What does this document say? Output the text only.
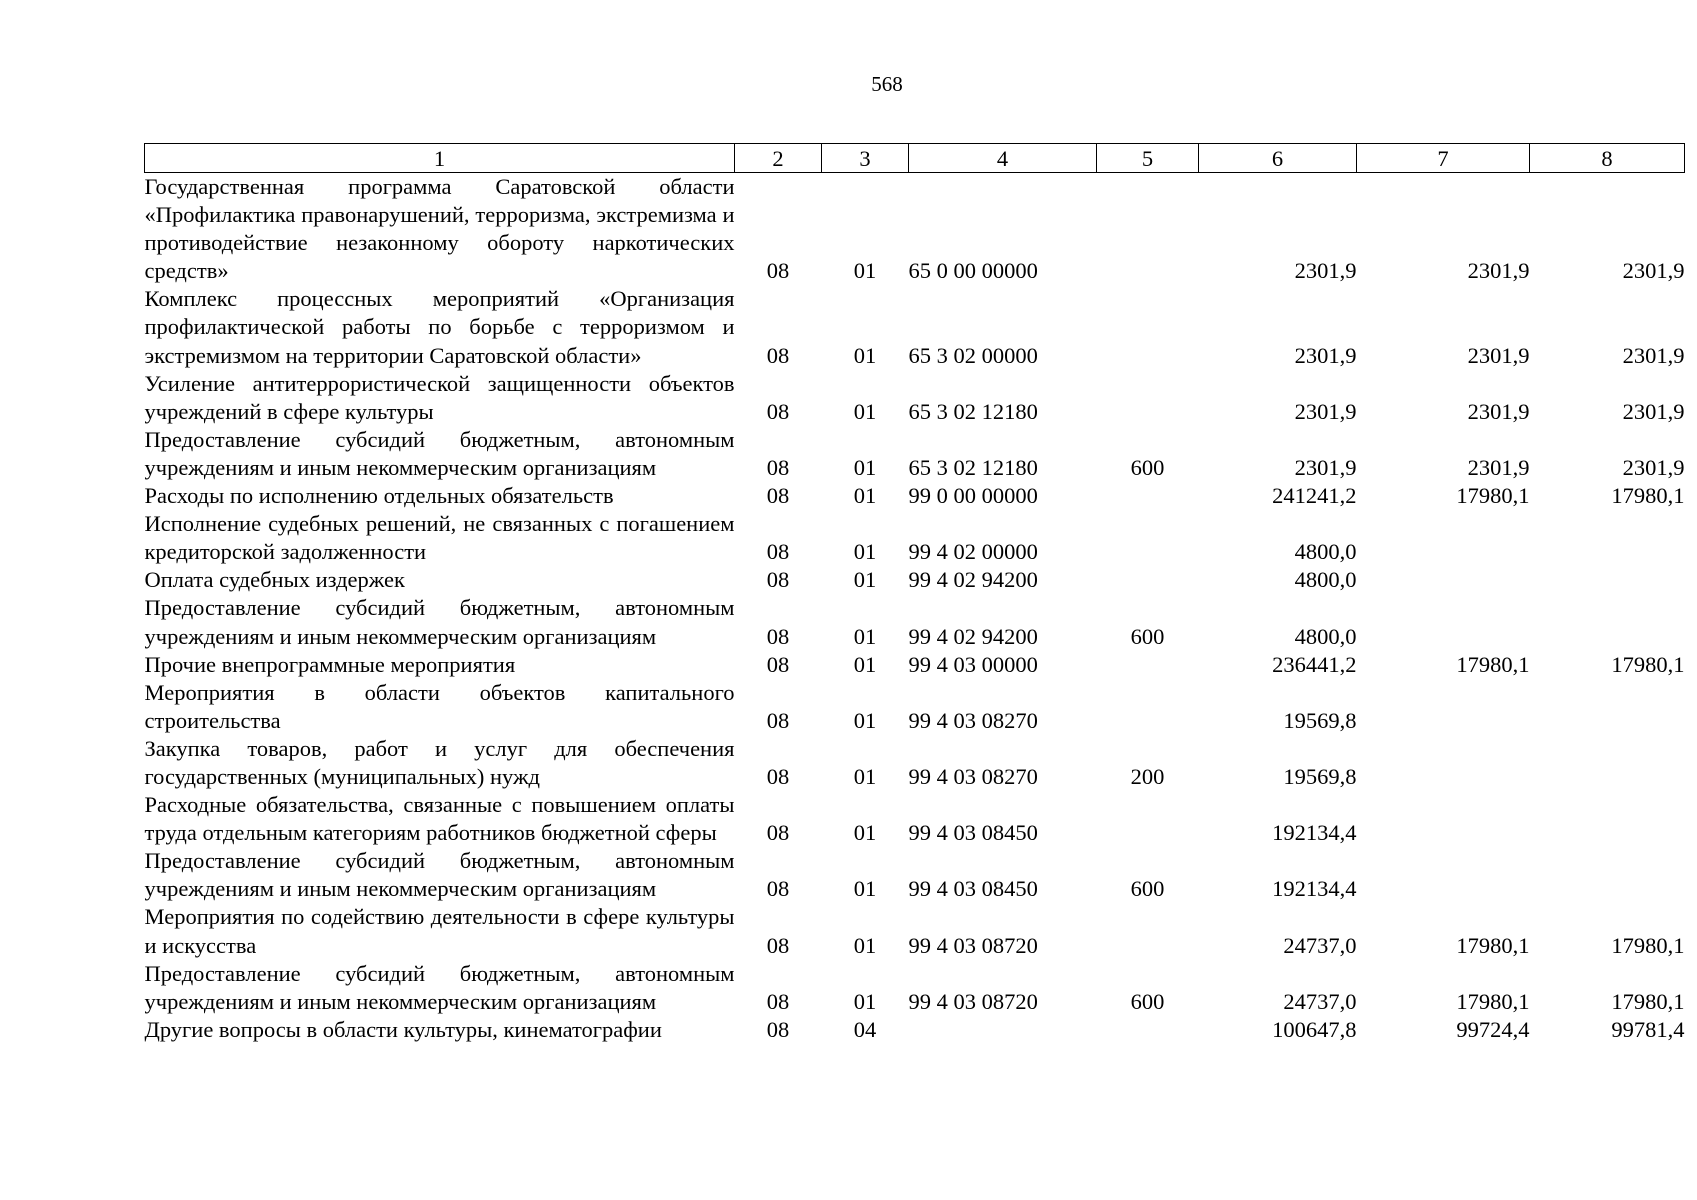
568
1	2	3	4	5	6	7	8
Государственная программа Саратовской области «Профилактика правонарушений, терроризма, экстремизма и противодействие незаконному обороту наркотических средств»	08	01	65 0 00 00000		2301,9	2301,9	2301,9
Комплекс процессных мероприятий «Организация профилактической работы по борьбе с терроризмом и экстремизмом на территории Саратовской области»	08	01	65 3 02 00000		2301,9	2301,9	2301,9
Усиление антитеррористической защищенности объектов учреждений в сфере культуры	08	01	65 3 02 12180		2301,9	2301,9	2301,9
Предоставление субсидий бюджетным, автономным учреждениям и иным некоммерческим организациям	08	01	65 3 02 12180	600	2301,9	2301,9	2301,9
Расходы по исполнению отдельных обязательств	08	01	99 0 00 00000		241241,2	17980,1	17980,1
Исполнение судебных решений, не связанных с погашением кредиторской задолженности	08	01	99 4 02 00000		4800,0		
Оплата судебных издержек	08	01	99 4 02 94200		4800,0		
Предоставление субсидий бюджетным, автономным учреждениям и иным некоммерческим организациям	08	01	99 4 02 94200	600	4800,0		
Прочие внепрограммные мероприятия	08	01	99 4 03 00000		236441,2	17980,1	17980,1
Мероприятия в области объектов капитального строительства	08	01	99 4 03 08270		19569,8		
Закупка товаров, работ и услуг для обеспечения государственных (муниципальных) нужд	08	01	99 4 03 08270	200	19569,8		
Расходные обязательства, связанные с повышением оплаты труда отдельным категориям работников бюджетной сферы	08	01	99 4 03 08450		192134,4		
Предоставление субсидий бюджетным, автономным учреждениям и иным некоммерческим организациям	08	01	99 4 03 08450	600	192134,4		
Мероприятия по содействию деятельности в сфере культуры и искусства	08	01	99 4 03 08720		24737,0	17980,1	17980,1
Предоставление субсидий бюджетным, автономным учреждениям и иным некоммерческим организациям	08	01	99 4 03 08720	600	24737,0	17980,1	17980,1
Другие вопросы в области культуры, кинематографии	08	04			100647,8	99724,4	99781,4
